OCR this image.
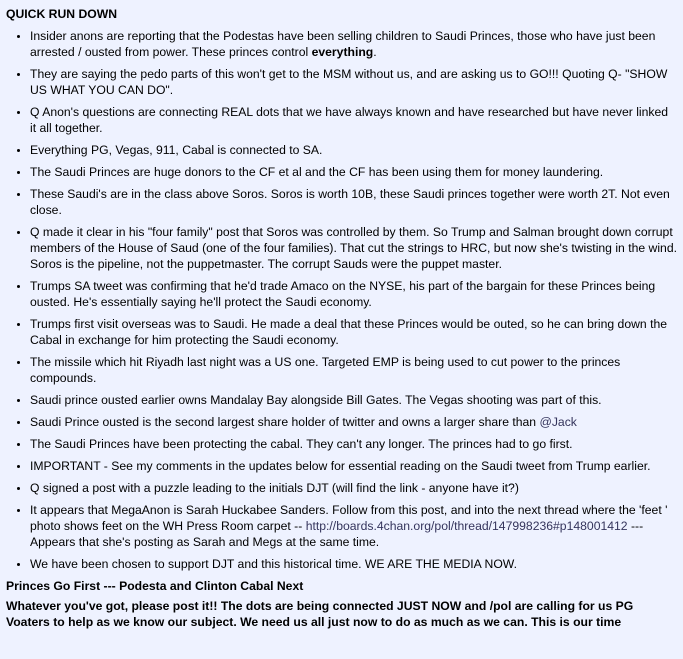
QUICK RUN DOWN
• Insider anons are reporting that the Podestas have been selling children to Saudi Princes, those who have just been arrested / ousted from power. These princes control everything.
• They are saying the pedo parts of this won't get to the MSM without us, and are asking us to GO!!! Quoting Q- "SHOW US WHAT YOU CAN DO".
• Q Anon's questions are connecting REAL dots that we have always known and have researched but have never linked it all together.
• Everything PG, Vegas, 911, Cabal is connected to SA.
• The Saudi Princes are huge donors to the CF et al and the CF has been using them for money laundering.
• These Saudi's are in the class above Soros. Soros is worth 10B, these Saudi princes together were worth 2T. Not even close.
• Q made it clear in his "four family" post that Soros was controlled by them. So Trump and Salman brought down corrupt members of the House of Saud (one of the four families). That cut the strings to HRC, but now she's twisting in the wind. Soros is the pipeline, not the puppetmaster. The corrupt Sauds were the puppet master.
• Trumps SA tweet was confirming that he'd trade Amaco on the NYSE, his part of the bargain for these Princes being ousted. He's essentially saying he'll protect the Saudi economy.
• Trumps first visit overseas was to Saudi. He made a deal that these Princes would be outed, so he can bring down the Cabal in exchange for him protecting the Saudi economy.
• The missile which hit Riyadh last night was a US one. Targeted EMP is being used to cut power to the princes compounds.
• Saudi prince ousted earlier owns Mandalay Bay alongside Bill Gates. The Vegas shooting was part of this.
• Saudi Prince ousted is the second largest share holder of twitter and owns a larger share than @Jack
• The Saudi Princes have been protecting the cabal. They can't any longer. The princes had to go first.
• IMPORTANT - See my comments in the updates below for essential reading on the Saudi tweet from Trump earlier.
• Q signed a post with a puzzle leading to the initials DJT (will find the link - anyone have it?)
• It appears that MegaAnon is Sarah Huckabee Sanders. Follow from this post, and into the next thread where the 'feet ' photo shows feet on the WH Press Room carpet -- http://boards.4chan.org/pol/thread/147998236#p148001412 --- Appears that she's posting as Sarah and Megs at the same time.
• We have been chosen to support DJT and this historical time. WE ARE THE MEDIA NOW.
Princes Go First --- Podesta and Clinton Cabal Next
Whatever you've got, please post it!! The dots are being connected JUST NOW and /pol are calling for us PG Voaters to help as we know our subject. We need us all just now to do as much as we can. This is our time
